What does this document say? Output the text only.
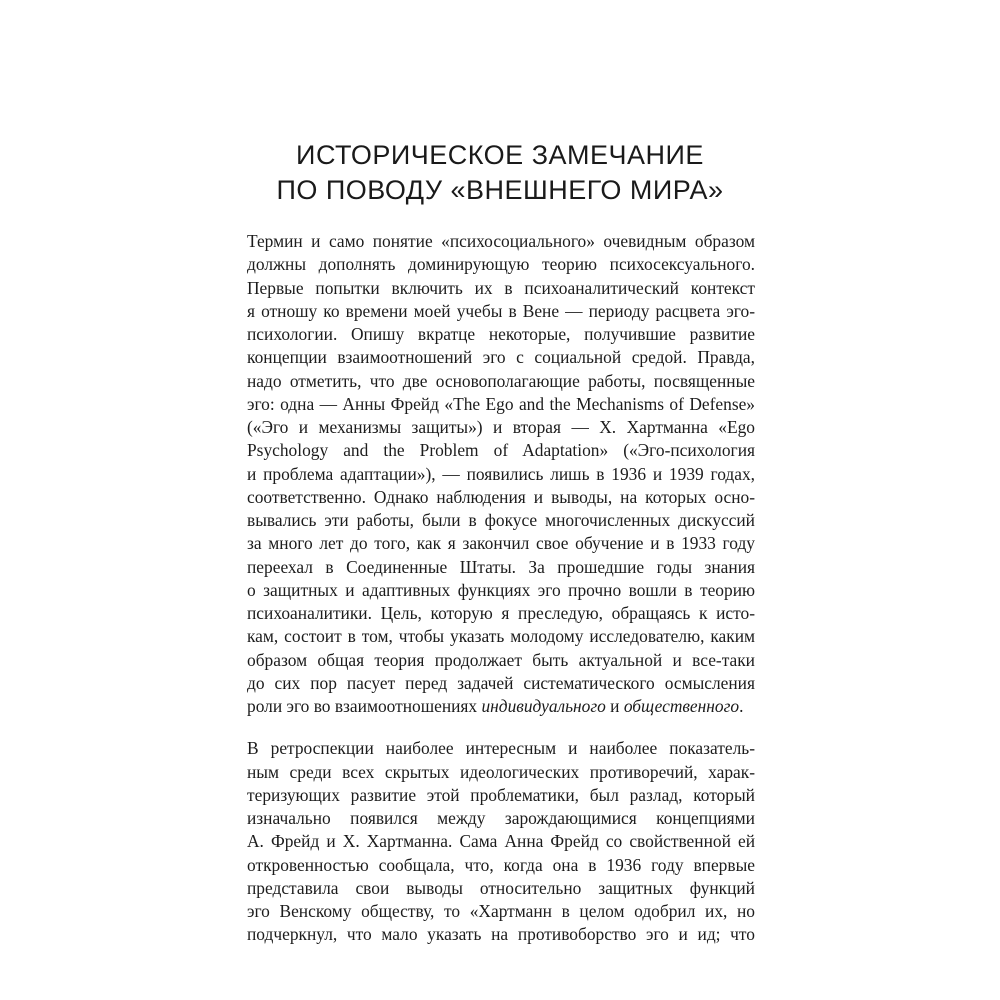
ИСТОРИЧЕСКОЕ ЗАМЕЧАНИЕ
ПО ПОВОДУ «ВНЕШНЕГО МИРА»
Термин и само понятие «психосоциального» очевидным образом
должны дополнять доминирующую теорию психосексуального.
Первые попытки включить их в психоаналитический контекст
я отношу ко времени моей учебы в Вене — периоду расцвета эго-
психологии. Опишу вкратце некоторые, получившие развитие
концепции взаимоотношений эго с социальной средой. Правда,
надо отметить, что две основополагающие работы, посвященные
эго: одна — Анны Фрейд «The Ego and the Mechanisms of Defense»
(«Эго и механизмы защиты») и вторая — Х. Хартманна «Ego
Psychology and the Problem of Adaptation» («Эго-психология
и проблема адаптации»), — появились лишь в 1936 и 1939 годах,
соответственно. Однако наблюдения и выводы, на которых осно-
вывались эти работы, были в фокусе многочисленных дискуссий
за много лет до того, как я закончил свое обучение и в 1933 году
переехал в Соединенные Штаты. За прошедшие годы знания
о защитных и адаптивных функциях эго прочно вошли в теорию
психоаналитики. Цель, которую я преследую, обращаясь к исто-
кам, состоит в том, чтобы указать молодому исследователю, каким
образом общая теория продолжает быть актуальной и все-таки
до сих пор пасует перед задачей систематического осмысления
роли эго во взаимоотношениях индивидуального и общественного.
В ретроспекции наиболее интересным и наиболее показатель-
ным среди всех скрытых идеологических противоречий, харак-
теризующих развитие этой проблематики, был разлад, который
изначально появился между зарождающимися концепциями
А. Фрейд и Х. Хартманна. Сама Анна Фрейд со свойственной ей
откровенностью сообщала, что, когда она в 1936 году впервые
представила свои выводы относительно защитных функций
эго Венскому обществу, то «Хартманн в целом одобрил их, но
подчеркнул, что мало указать на противоборство эго и ид; что
